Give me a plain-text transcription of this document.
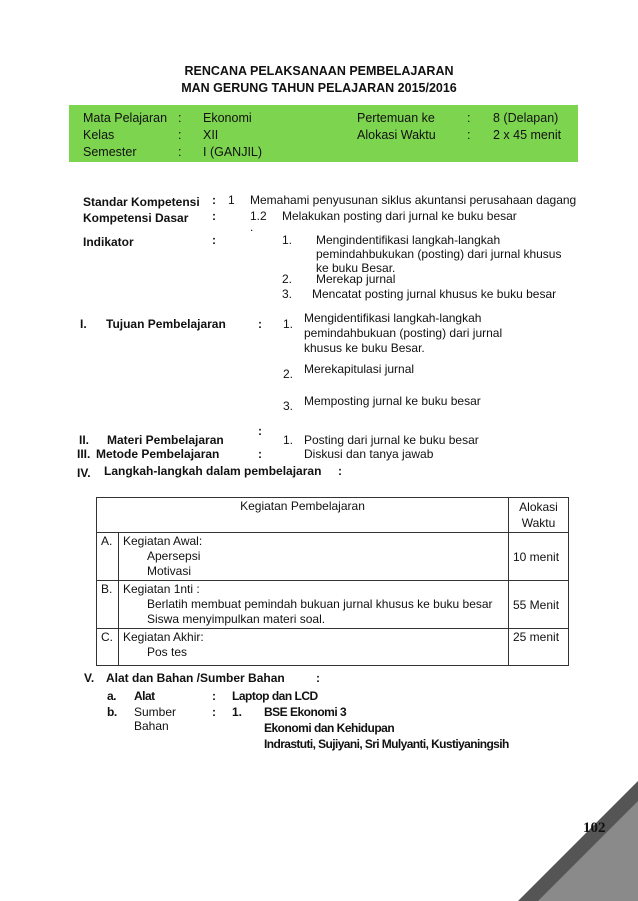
RENCANA PELAKSANAAN PEMBELAJARAN
MAN GERUNG TAHUN PELAJARAN 2015/2016
Mata Pelajaran : Ekonomi
Kelas	: XII
Semester	: I (GANJIL)
Pertemuan ke	: 8 (Delapan)
Alokasi Waktu	: 2 x 45 menit
Standar Kompetensi : 1 Memahami penyusunan siklus akuntansi perusahaan dagang
Kompetensi Dasar :	1.2 Melakukan posting dari jurnal ke buku besar
.
Indikator	:	1. Mengindentifikasi langkah-langkah
pemindahbukukan (posting) dari jurnal khusus
ke buku Besar.
2. Merekap jurnal
3. Mencatat posting jurnal khusus ke buku besar
I. Tujuan Pembelajaran	: 1. Mengidentifikasi langkah-langkah
pemindahbukuan (posting) dari jurnal
khusus ke buku Besar.
2. Merekapitulasi jurnal
3. Memposting jurnal ke buku besar
II. Materi Pembelajaran
:
1. Posting dari jurnal ke buku besar
III. Metode Pembelajaran	:	Diskusi dan tanya jawab
IV. Langkah-langkah dalam pembelajaran :
Kegiatan Pembelajaran		Alokasi
Waktu
A.	Kegiatan Awal:
Apersepsi
Motivasi	10 menit
B.	Kegiatan 1nti :
Berlatih membuat pemindah bukuan jurnal khusus ke buku besar
Siswa menyimpulkan materi soal.	55 Menit
C.	Kegiatan Akhir:
Pos tes	25 menit
V. Alat dan Bahan /Sumber Bahan	:
a. Alat	: Laptop dan LCD
b. Sumber
Bahan
: 1. BSE Ekonomi 3
Ekonomi dan Kehidupan
Indrastuti, Sujiyani, Sri Mulyanti, Kustiyaningsih
102
